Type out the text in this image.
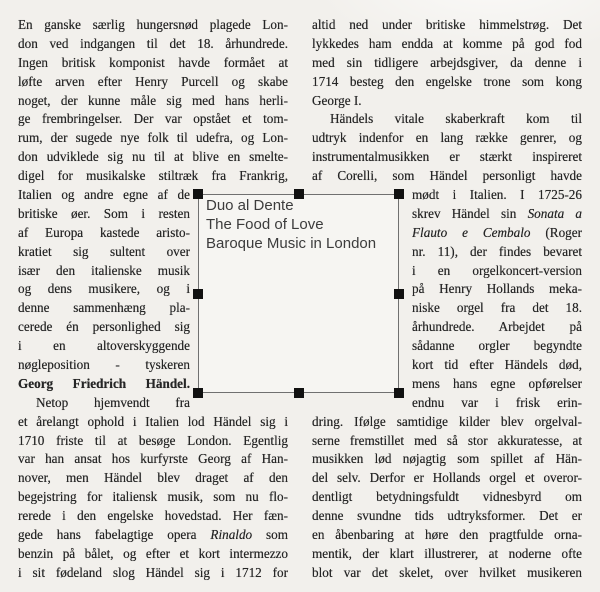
En ganske særlig hungersnød plagede Lon-
don ved indgangen til det 18. århundrede.
Ingen britisk komponist havde formået at
løfte arven efter Henry Purcell og skabe
noget, der kunne måle sig med hans herli-
ge frembringelser. Der var opstået et tom-
rum, der sugede nye folk til udefra, og Lon-
don udviklede sig nu til at blive en smelte-
digel for musikalske stiltræk fra Frankrig,
Italien og andre egne af de
britiske øer. Som i resten
af Europa kastede aristo-
kratiet sig sultent over
især den italienske musik
og dens musikere, og i
denne sammenhæng pla-
cerede én personlighed sig
i en altoverskyggende
nøgleposition - tyskeren
Georg Friedrich Händel.
Netop hjemvendt fra
et årelangt ophold i Italien lod Händel sig i
1710 friste til at besøge London. Egentlig
var han ansat hos kurfyrste Georg af Han-
nover, men Händel blev draget af den
begejstring for italiensk musik, som nu flo-
rerede i den engelske hovedstad. Her fæn-
gede hans fabelagtige opera Rinaldo som
benzin på bålet, og efter et kort intermezzo
i sit fødeland slog Händel sig i 1712 for
altid ned under britiske himmelstrøg. Det
lykkedes ham endda at komme på god fod
med sin tidligere arbejdsgiver, da denne i
1714 besteg den engelske trone som kong
George I.
Händels vitale skaberkraft kom til
udtryk indenfor en lang række genrer, og
instrumentalmusikken er stærkt inspireret
af Corelli, som Händel personligt havde
mødt i Italien. I 1725-26
skrev Händel sin Sonata a
Flauto e Cembalo (Roger
nr. 11), der findes bevaret
i en orgelkoncert-version
på Henry Hollands meka-
niske orgel fra det 18.
århundrede. Arbejdet på
sådanne orgler begyndte
kort tid efter Händels død,
mens hans egne opførelser
endnu var i frisk erin-
dring. Ifølge samtidige kilder blev orgelval-
serne fremstillet med så stor akkuratesse, at
musikken lød nøjagtig som spillet af Hän-
del selv. Derfor er Hollands orgel et overor-
dentligt betydningsfuldt vidnesbyrd om
denne svundne tids udtryksformer. Det er
en åbenbaring at høre den pragtfulde orna-
mentik, der klart illustrerer, at noderne ofte
blot var det skelet, over hvilket musikeren
Duo al Dente
The Food of Love
Baroque Music in London
